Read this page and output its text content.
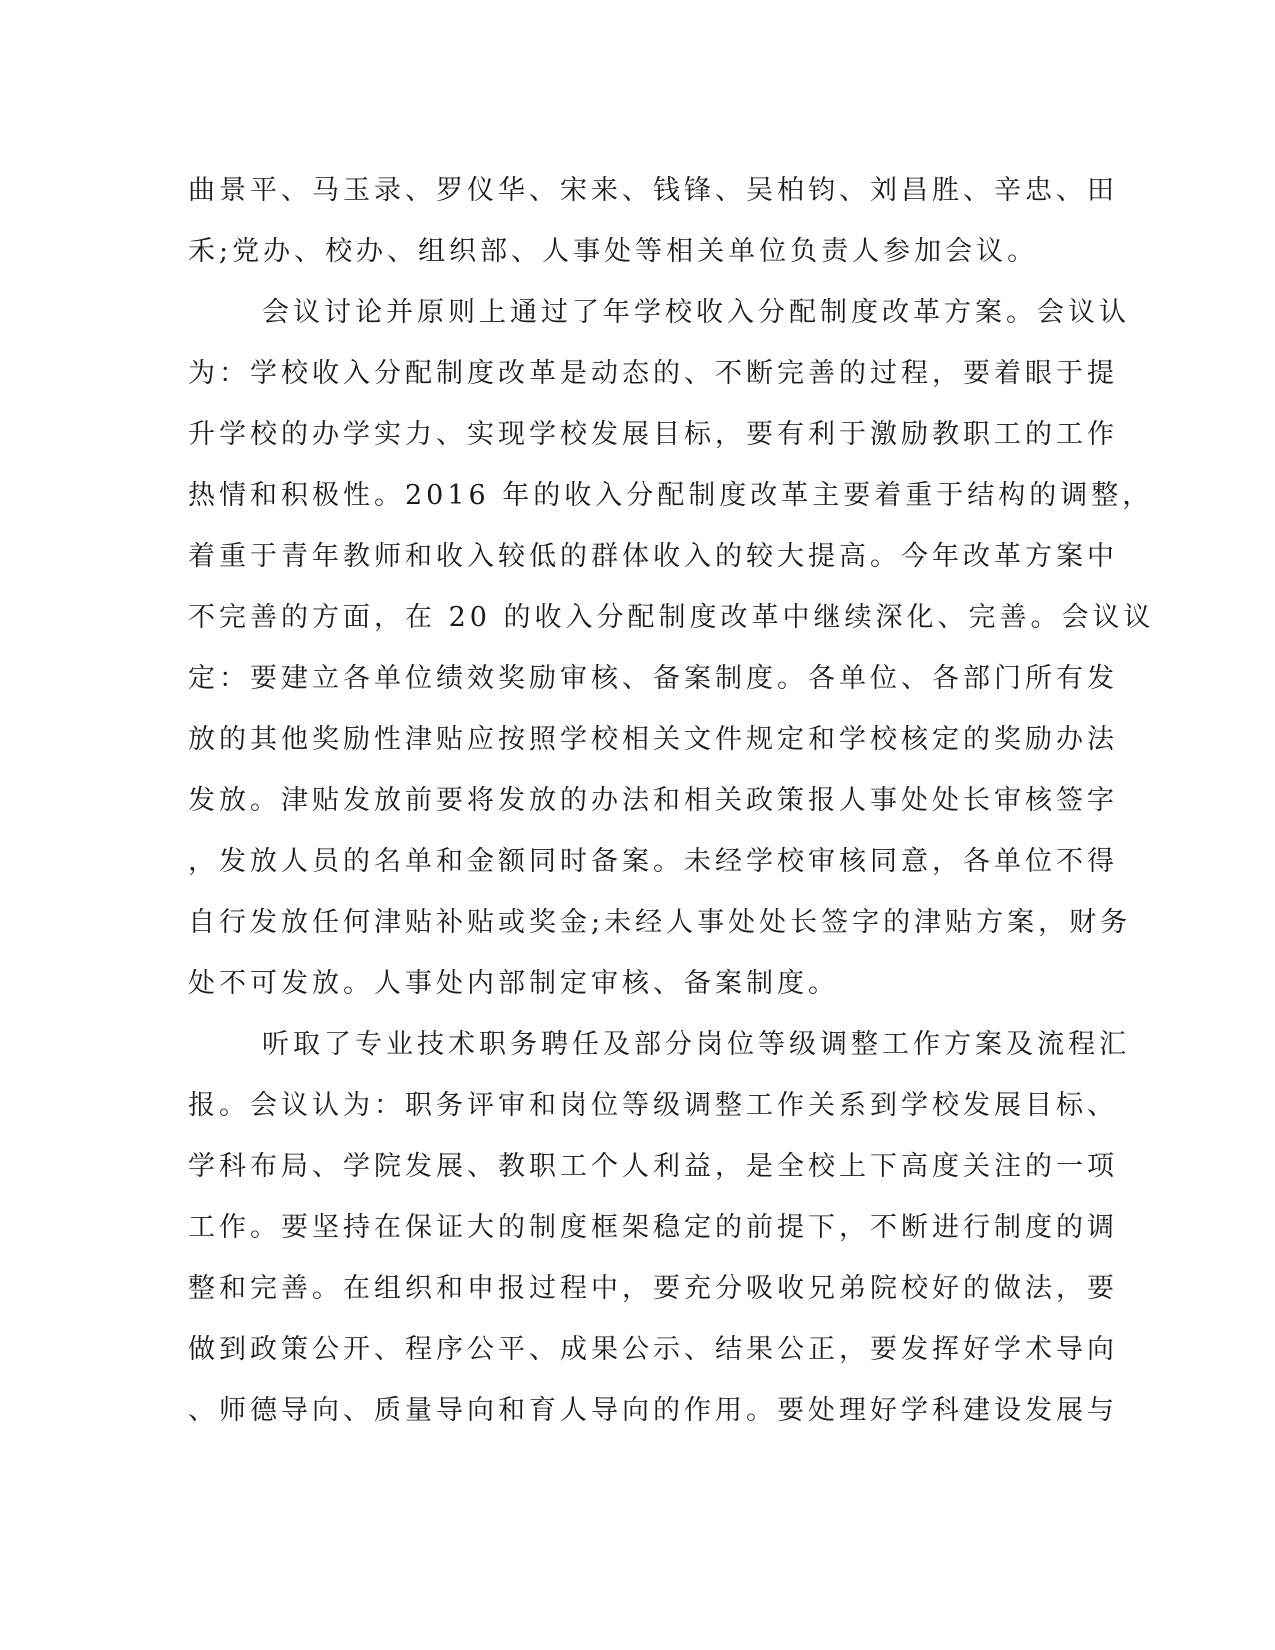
曲景平、马玉录、罗仪华、宋来、钱锋、吴柏钧、刘昌胜、辛忠、田
禾;党办、校办、组织部、人事处等相关单位负责人参加会议。

会议讨论并原则上通过了年学校收入分配制度改革方案。会议认
为：学校收入分配制度改革是动态的、不断完善的过程，要着眼于提
升学校的办学实力、实现学校发展目标，要有利于激励教职工的工作
热情和积极性。2016 年的收入分配制度改革主要着重于结构的调整，
着重于青年教师和收入较低的群体收入的较大提高。今年改革方案中
不完善的方面，在 20 的收入分配制度改革中继续深化、完善。会议议
定：要建立各单位绩效奖励审核、备案制度。各单位、各部门所有发
放的其他奖励性津贴应按照学校相关文件规定和学校核定的奖励办法
发放。津贴发放前要将发放的办法和相关政策报人事处处长审核签字
，发放人员的名单和金额同时备案。未经学校审核同意，各单位不得
自行发放任何津贴补贴或奖金;未经人事处处长签字的津贴方案，财务
处不可发放。人事处内部制定审核、备案制度。

听取了专业技术职务聘任及部分岗位等级调整工作方案及流程汇
报。会议认为：职务评审和岗位等级调整工作关系到学校发展目标、
学科布局、学院发展、教职工个人利益，是全校上下高度关注的一项
工作。要坚持在保证大的制度框架稳定的前提下，不断进行制度的调
整和完善。在组织和申报过程中，要充分吸收兄弟院校好的做法，要
做到政策公开、程序公平、成果公示、结果公正，要发挥好学术导向
、师德导向、质量导向和育人导向的作用。要处理好学科建设发展与
